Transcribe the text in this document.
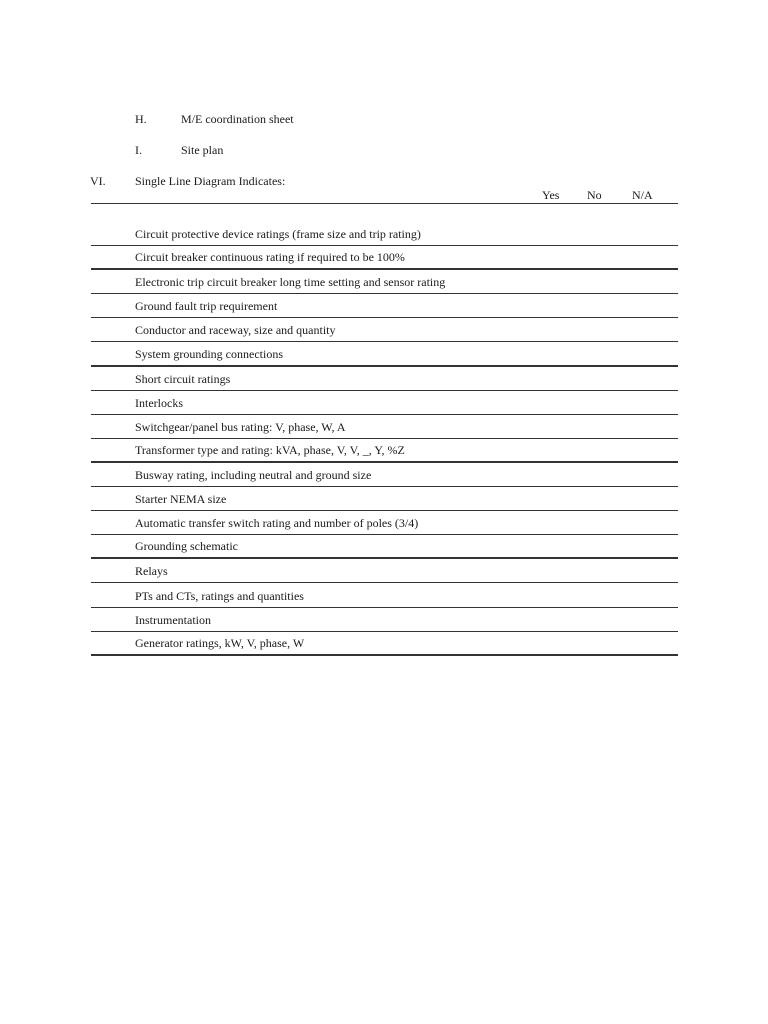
H.	M/E coordination sheet
I.	Site plan
VI. Single Line Diagram Indicates:
Yes No	N/A
Circuit protective device ratings (frame size and trip rating)
Circuit breaker continuous rating if required to be 100%
Electronic trip circuit breaker long time setting and sensor rating
Ground fault trip requirement
Conductor and raceway, size and quantity
System grounding connections
Short circuit ratings
Interlocks
Switchgear/panel bus rating: V, phase, W, A
Transformer type and rating: kVA, phase, V, V, _, Y, %Z
Busway rating, including neutral and ground size
Starter NEMA size
Automatic transfer switch rating and number of poles (3/4)
Grounding schematic
Relays
PTs and CTs, ratings and quantities
Instrumentation
Generator ratings, kW, V, phase, W
